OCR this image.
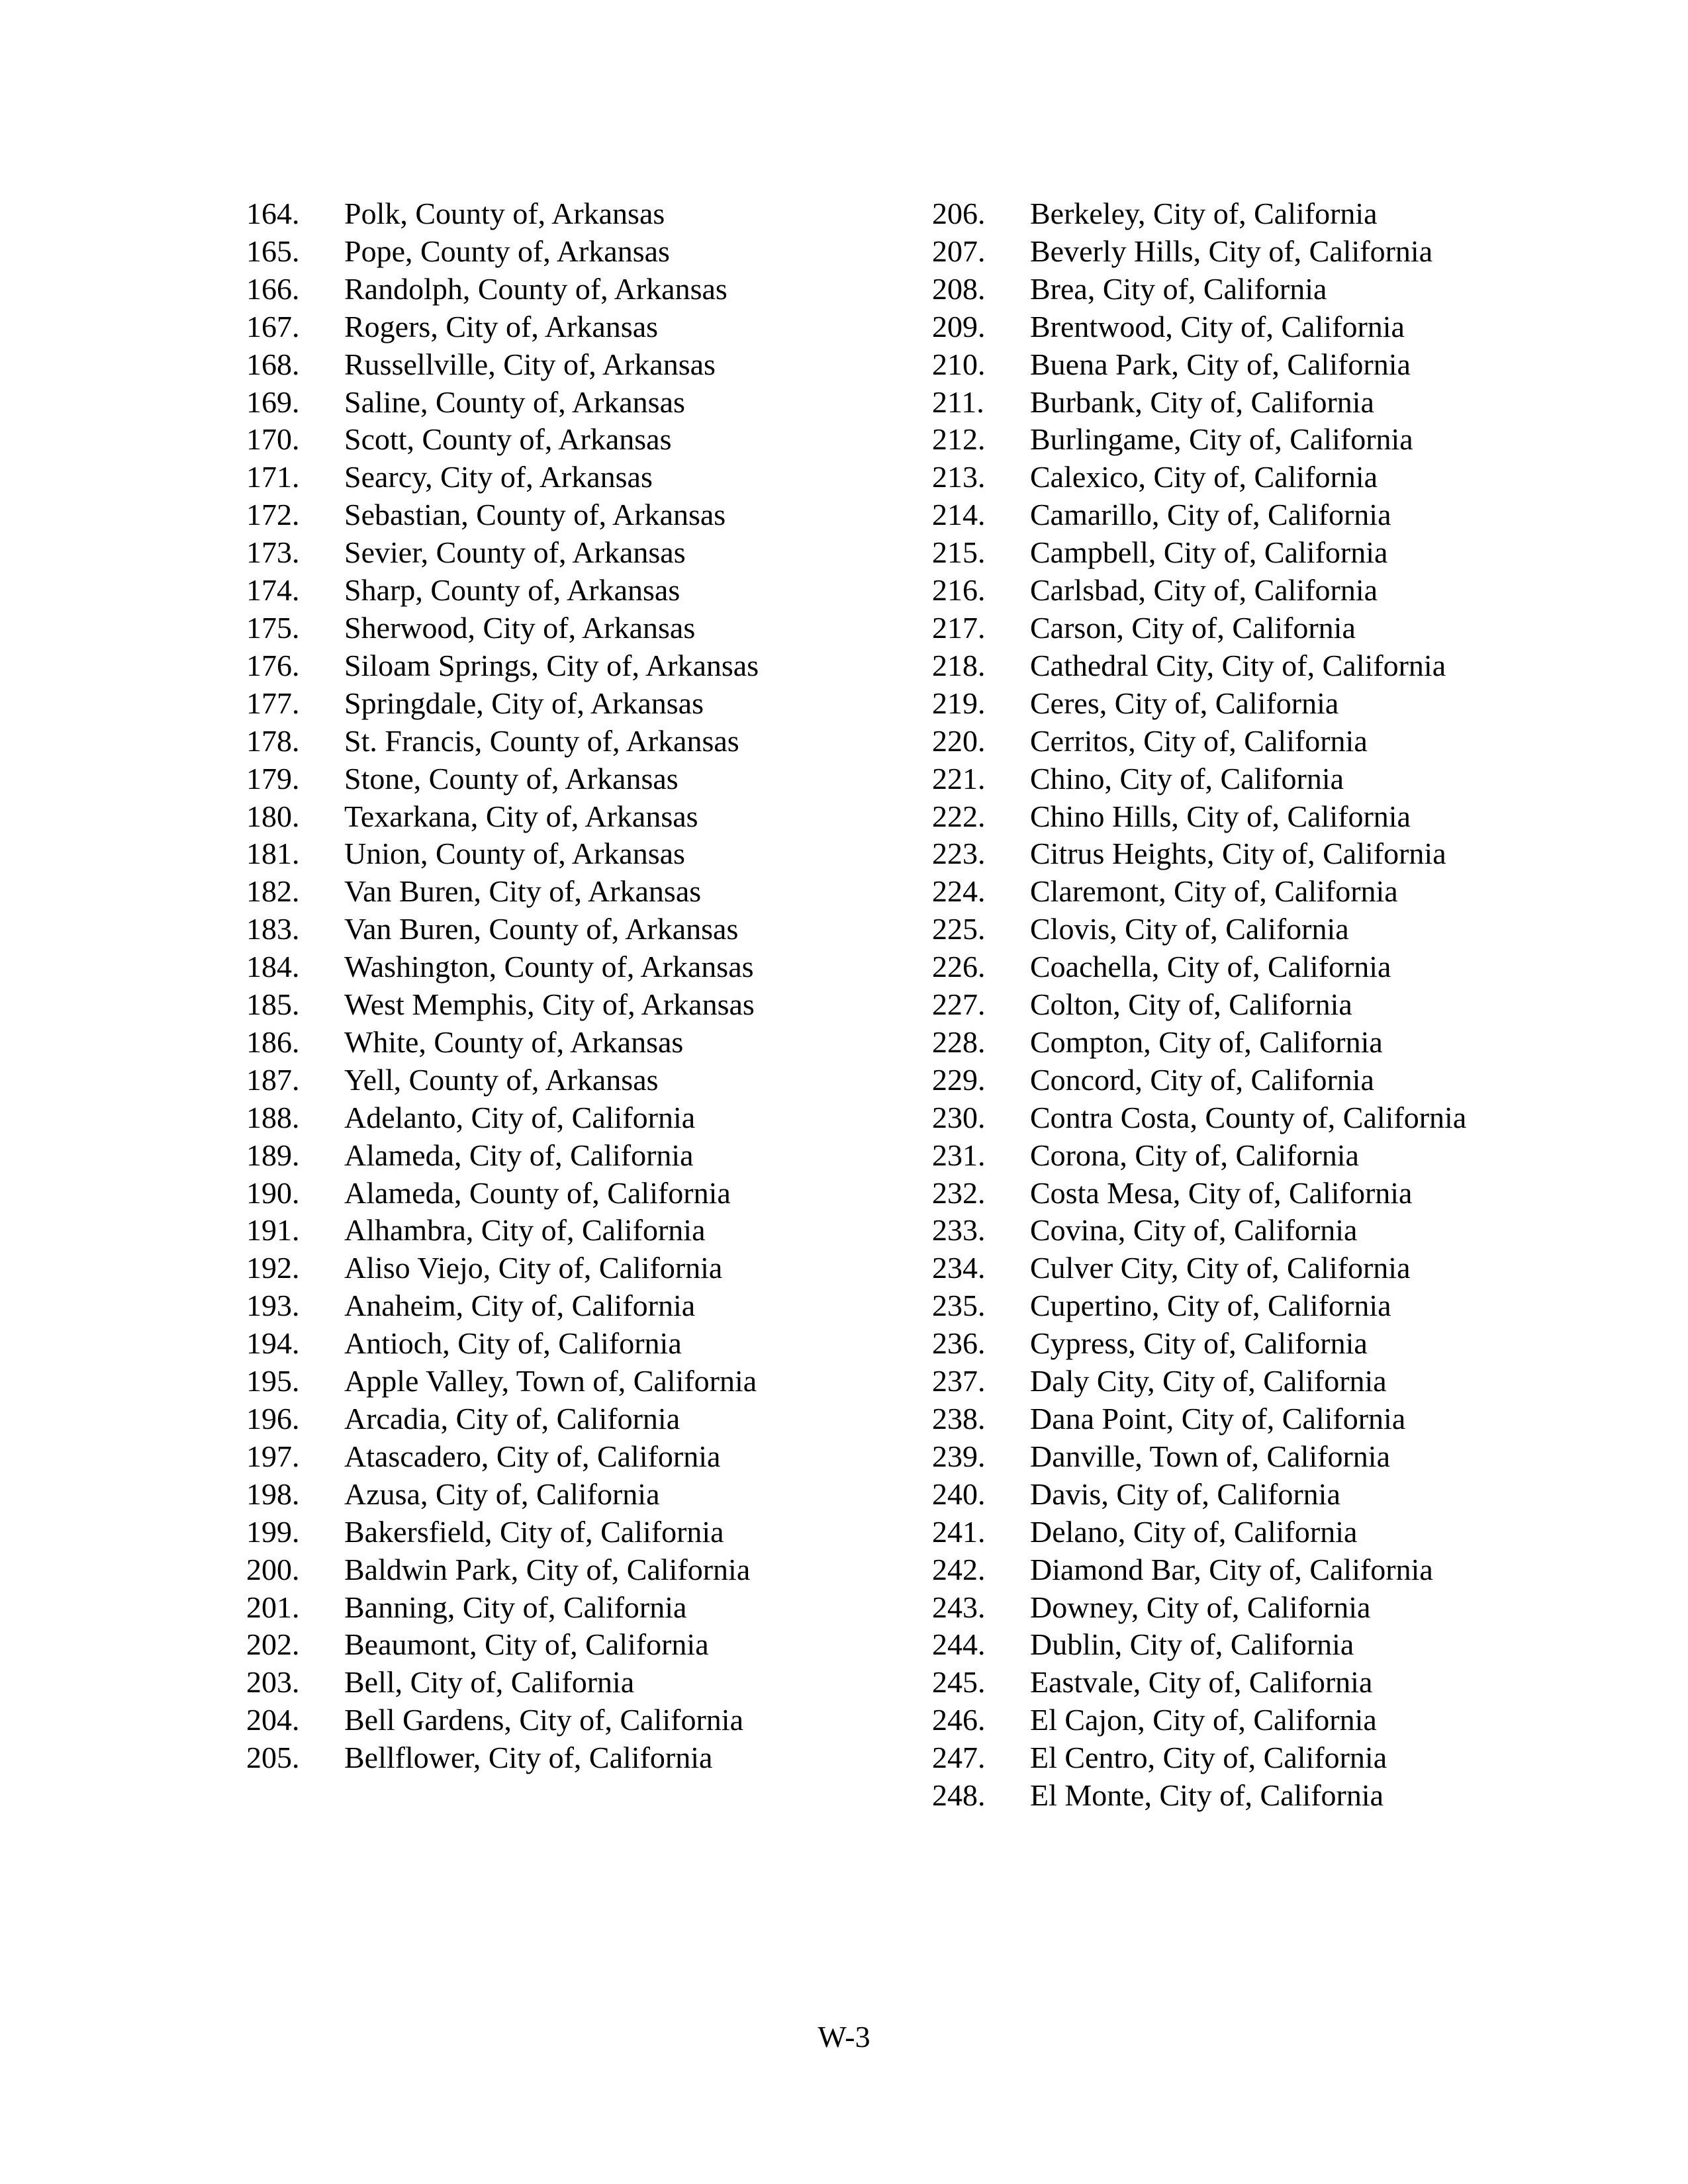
164.	Polk, County of, Arkansas
165.	Pope, County of, Arkansas
166.	Randolph, County of, Arkansas
167.	Rogers, City of, Arkansas
168.	Russellville, City of, Arkansas
169.	Saline, County of, Arkansas
170.	Scott, County of, Arkansas
171.	Searcy, City of, Arkansas
172.	Sebastian, County of, Arkansas
173.	Sevier, County of, Arkansas
174.	Sharp, County of, Arkansas
175.	Sherwood, City of, Arkansas
176.	Siloam Springs, City of, Arkansas
177.	Springdale, City of, Arkansas
178.	St. Francis, County of, Arkansas
179.	Stone, County of, Arkansas
180.	Texarkana, City of, Arkansas
181.	Union, County of, Arkansas
182.	Van Buren, City of, Arkansas
183.	Van Buren, County of, Arkansas
184.	Washington, County of, Arkansas
185.	West Memphis, City of, Arkansas
186.	White, County of, Arkansas
187.	Yell, County of, Arkansas
188.	Adelanto, City of, California
189.	Alameda, City of, California
190.	Alameda, County of, California
191.	Alhambra, City of, California
192.	Aliso Viejo, City of, California
193.	Anaheim, City of, California
194.	Antioch, City of, California
195.	Apple Valley, Town of, California
196.	Arcadia, City of, California
197.	Atascadero, City of, California
198.	Azusa, City of, California
199.	Bakersfield, City of, California
200.	Baldwin Park, City of, California
201.	Banning, City of, California
202.	Beaumont, City of, California
203.	Bell, City of, California
204.	Bell Gardens, City of, California
205.	Bellflower, City of, California
206.	Berkeley, City of, California
207.	Beverly Hills, City of, California
208.	Brea, City of, California
209.	Brentwood, City of, California
210.	Buena Park, City of, California
211.	Burbank, City of, California
212.	Burlingame, City of, California
213.	Calexico, City of, California
214.	Camarillo, City of, California
215.	Campbell, City of, California
216.	Carlsbad, City of, California
217.	Carson, City of, California
218.	Cathedral City, City of, California
219.	Ceres, City of, California
220.	Cerritos, City of, California
221.	Chino, City of, California
222.	Chino Hills, City of, California
223.	Citrus Heights, City of, California
224.	Claremont, City of, California
225.	Clovis, City of, California
226.	Coachella, City of, California
227.	Colton, City of, California
228.	Compton, City of, California
229.	Concord, City of, California
230.	Contra Costa, County of, California
231.	Corona, City of, California
232.	Costa Mesa, City of, California
233.	Covina, City of, California
234.	Culver City, City of, California
235.	Cupertino, City of, California
236.	Cypress, City of, California
237.	Daly City, City of, California
238.	Dana Point, City of, California
239.	Danville, Town of, California
240.	Davis, City of, California
241.	Delano, City of, California
242.	Diamond Bar, City of, California
243.	Downey, City of, California
244.	Dublin, City of, California
245.	Eastvale, City of, California
246.	El Cajon, City of, California
247.	El Centro, City of, California
248.	El Monte, City of, California
W-3
